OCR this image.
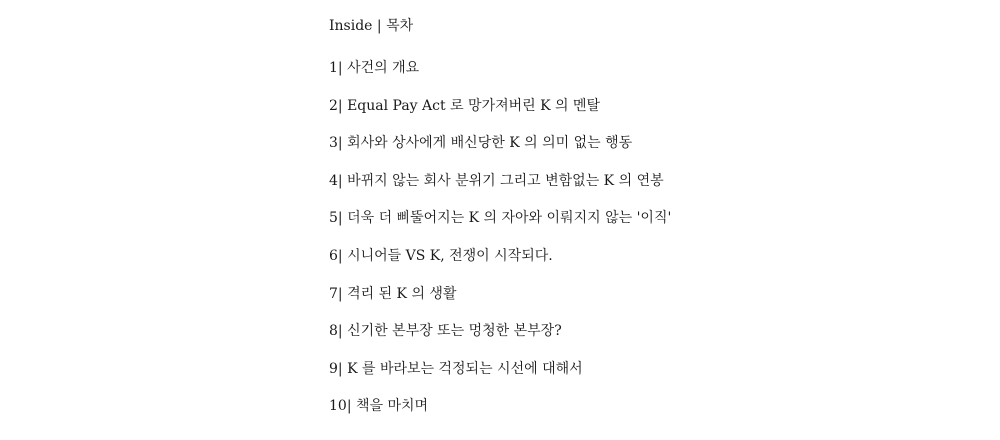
Inside | 목차
1| 사건의 개요
2| Equal Pay Act 로 망가져버린 K 의 멘탈
3| 회사와 상사에게 배신당한 K 의 의미 없는 행동
4| 바뀌지 않는 회사 분위기 그리고 변함없는 K 의 연봉
5| 더욱 더 삐뚤어지는 K 의 자아와 이뤄지지 않는 '이직'
6| 시니어들 VS K, 전쟁이 시작되다.
7| 격리 된 K 의 생활
8| 신기한 본부장 또는 멍청한 본부장?
9| K 를 바라보는 걱정되는 시선에 대해서
10| 책을 마치며
